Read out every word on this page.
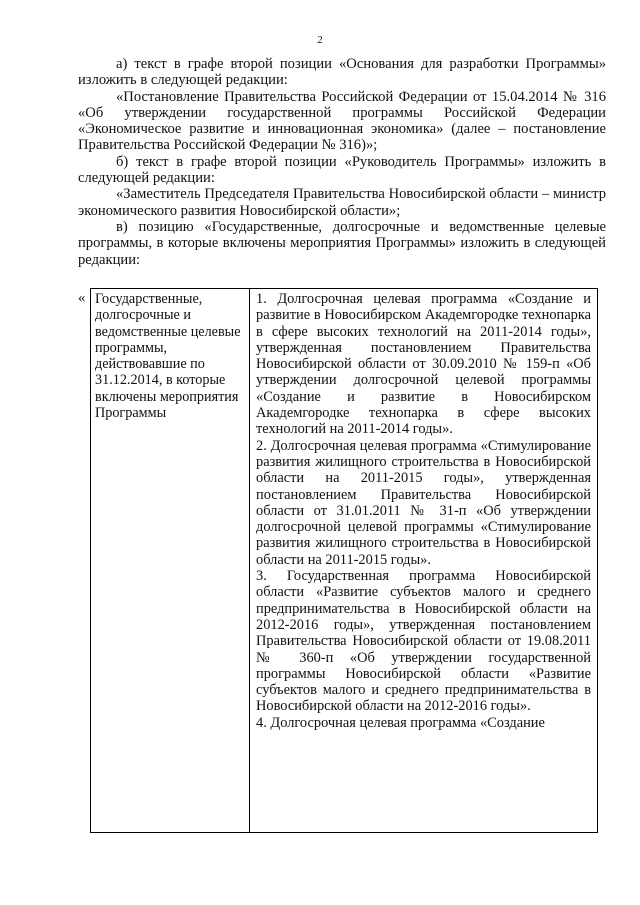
2

а) текст в графе второй позиции «Основания для разработки Программы» изложить в следующей редакции:

«Постановление Правительства Российской Федерации от 15.04.2014 № 316 «Об утверждении государственной программы Российской Федерации «Экономическое развитие и инновационная экономика» (далее – постановление Правительства Российской Федерации № 316)»;

б) текст в графе второй позиции «Руководитель Программы» изложить в следующей редакции:

«Заместитель Председателя Правительства Новосибирской области – министр экономического развития Новосибирской области»;

в) позицию «Государственные, долгосрочные и ведомственные целевые программы, в которые включены мероприятия Программы» изложить в следующей редакции:

« Государственные, долгосрочные и ведомственные целевые программы, действовавшие по 31.12.2014, в которые включены мероприятия Программы

1. Долгосрочная целевая программа «Создание и развитие в Новосибирском Академгородке технопарка в сфере высоких технологий на 2011-2014 годы», утвержденная постановлением Правительства Новосибирской области от 30.09.2010 № 159-п «Об утверждении долгосрочной целевой программы «Создание и развитие в Новосибирском Академгородке технопарка в сфере высоких технологий на 2011-2014 годы».

2. Долгосрочная целевая программа «Стимулирование развития жилищного строительства в Новосибирской области на 2011-2015 годы», утвержденная постановлением Правительства Новосибирской области от 31.01.2011 № 31-п «Об утверждении долгосрочной целевой программы «Стимулирование развития жилищного строительства в Новосибирской области на 2011-2015 годы».

3. Государственная программа Новосибирской области «Развитие субъектов малого и среднего предпринимательства в Новосибирской области на 2012-2016 годы», утвержденная постановлением Правительства Новосибирской области от 19.08.2011 № 360-п «Об утверждении государственной программы Новосибирской области «Развитие субъектов малого и среднего предпринимательства в Новосибирской области на 2012-2016 годы».

4. Долгосрочная целевая программа «Создание
